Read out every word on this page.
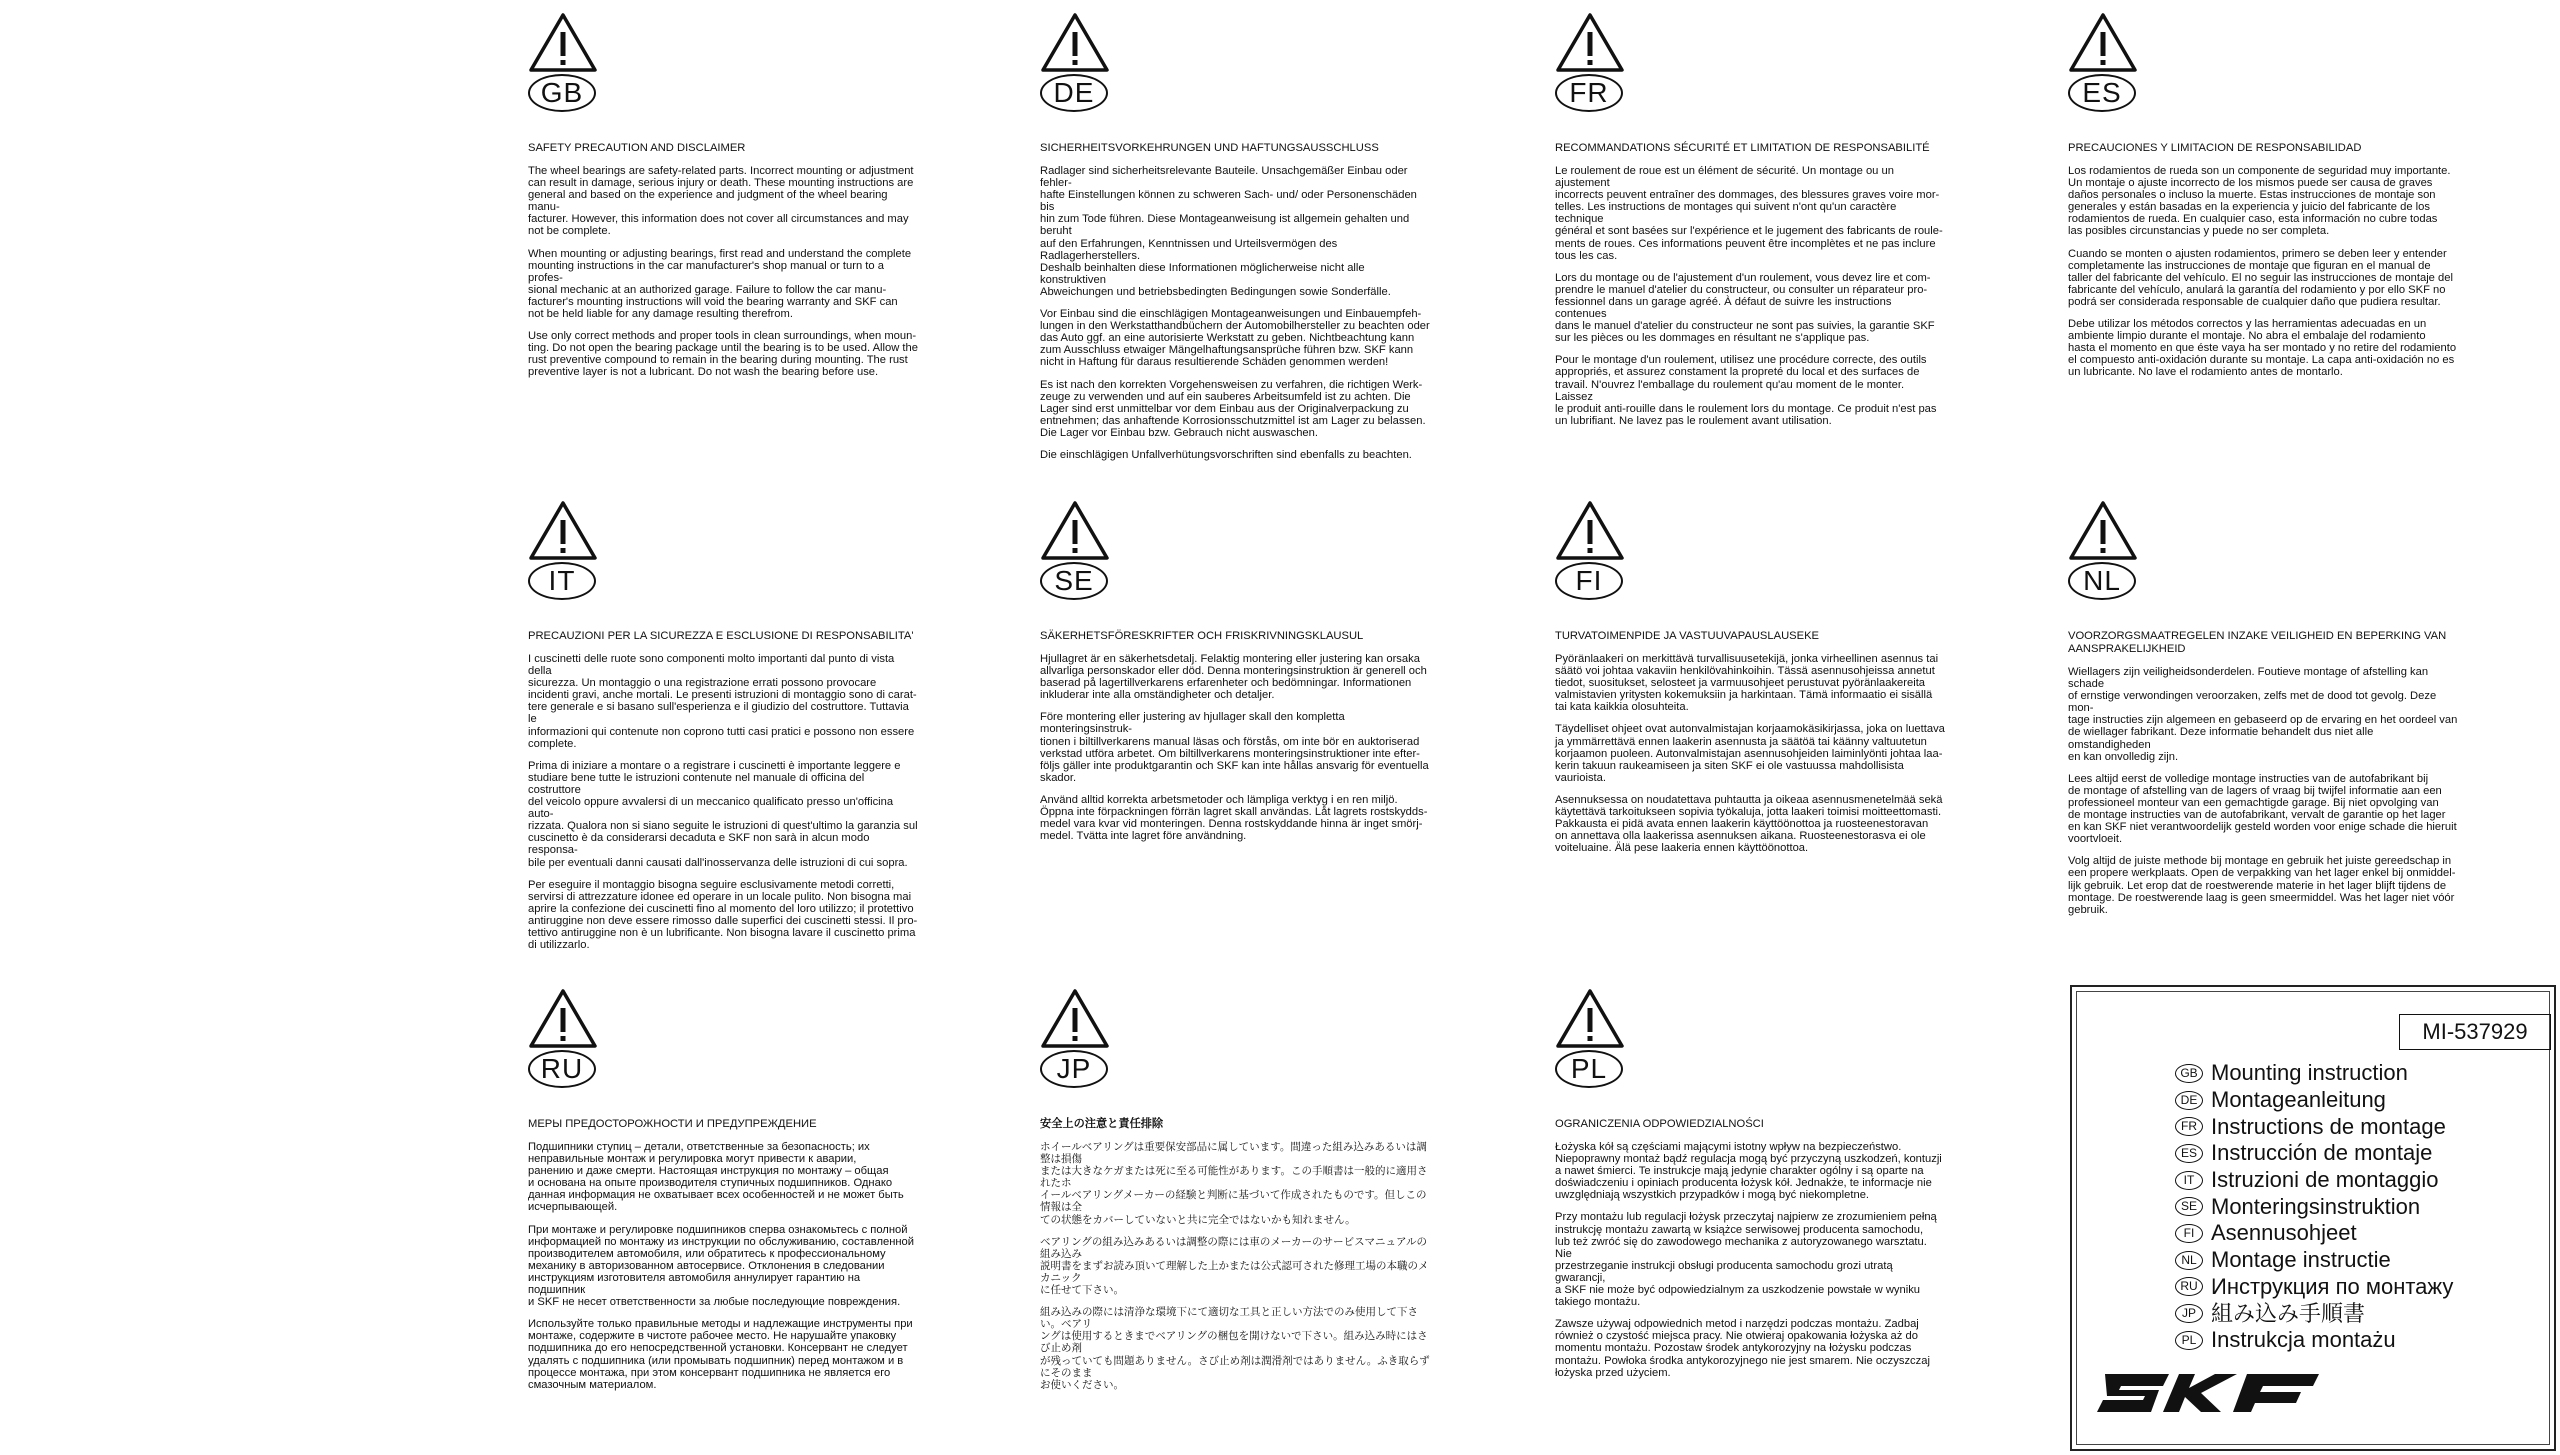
GB
SAFETY PRECAUTION AND DISCLAIMER

The wheel bearings are safety-related parts. Incorrect mounting or adjustment
can result in damage, serious injury or death. These mounting instructions are
general and based on the experience and judgment of the wheel bearing manu-
facturer. However, this information does not cover all circumstances and may
not be complete.

When mounting or adjusting bearings, first read and understand the complete
mounting instructions in the car manufacturer's shop manual or turn to a profes-
sional mechanic at an authorized garage. Failure to follow the car manu-
facturer's mounting instructions will void the bearing warranty and SKF can
not be held liable for any damage resulting therefrom.

Use only correct methods and proper tools in clean surroundings, when moun-
ting. Do not open the bearing package until the bearing is to be used. Allow the
rust preventive compound to remain in the bearing during mounting. The rust
preventive layer is not a lubricant. Do not wash the bearing before use.

DE
SICHERHEITSVORKEHRUNGEN UND HAFTUNGSAUSSCHLUSS

Radlager sind sicherheitsrelevante Bauteile. Unsachgemäßer Einbau oder fehler-
hafte Einstellungen können zu schweren Sach- und/ oder Personenschäden bis
hin zum Tode führen. Diese Montageanweisung ist allgemein gehalten und beruht
auf den Erfahrungen, Kenntnissen und Urteilsvermögen des Radlagerherstellers.
Deshalb beinhalten diese Informationen möglicherweise nicht alle konstruktiven
Abweichungen und betriebsbedingten Bedingungen sowie Sonderfälle.

Vor Einbau sind die einschlägigen Montageanweisungen und Einbauempfeh-
lungen in den Werkstatthandbüchern der Automobilhersteller zu beachten oder
das Auto ggf. an eine autorisierte Werkstatt zu geben. Nichtbeachtung kann
zum Ausschluss etwaiger Mängelhaftungsansprüche führen bzw. SKF kann
nicht in Haftung für daraus resultierende Schäden genommen werden!

Es ist nach den korrekten Vorgehensweisen zu verfahren, die richtigen Werk-
zeuge zu verwenden und auf ein sauberes Arbeitsumfeld ist zu achten. Die
Lager sind erst unmittelbar vor dem Einbau aus der Originalverpackung zu
entnehmen; das anhaftende Korrosionsschutzmittel ist am Lager zu belassen.
Die Lager vor Einbau bzw. Gebrauch nicht auswaschen.

Die einschlägigen Unfallverhütungsvorschriften sind ebenfalls zu beachten.

FR
RECOMMANDATIONS SÉCURITÉ ET LIMITATION DE RESPONSABILITÉ

Le roulement de roue est un élément de sécurité. Un montage ou un ajustement
incorrects peuvent entraîner des dommages, des blessures graves voire mor-
telles. Les instructions de montages qui suivent n'ont qu'un caractère technique
général et sont basées sur l'expérience et le jugement des fabricants de roule-
ments de roues. Ces informations peuvent être incomplètes et ne pas inclure
tous les cas.

Lors du montage ou de l'ajustement d'un roulement, vous devez lire et com-
prendre le manuel d'atelier du constructeur, ou consulter un réparateur pro-
fessionnel dans un garage agréé. À défaut de suivre les instructions contenues
dans le manuel d'atelier du constructeur ne sont pas suivies, la garantie SKF
sur les pièces ou les dommages en résultant ne s'applique pas.

Pour le montage d'un roulement, utilisez une procédure correcte, des outils
appropriés, et assurez constament la propreté du local et des surfaces de
travail. N'ouvrez l'emballage du roulement qu'au moment de le monter. Laissez
le produit anti-rouille dans le roulement lors du montage. Ce produit n'est pas
un lubrifiant. Ne lavez pas le roulement avant utilisation.

ES
PRECAUCIONES Y LIMITACION DE RESPONSABILIDAD

Los rodamientos de rueda son un componente de seguridad muy importante.
Un montaje o ajuste incorrecto de los mismos puede ser causa de graves
daños personales o incluso la muerte. Estas instrucciones de montaje son
generales y están basadas en la experiencia y juicio del fabricante de los
rodamientos de rueda. En cualquier caso, esta información no cubre todas
las posibles circunstancias y puede no ser completa.

Cuando se monten o ajusten rodamientos, primero se deben leer y entender
completamente las instrucciones de montaje que figuran en el manual de
taller del fabricante del vehículo. El no seguir las instrucciones de montaje del
fabricante del vehículo, anulará la garantía del rodamiento y por ello SKF no
podrá ser considerada responsable de cualquier daño que pudiera resultar.

Debe utilizar los métodos correctos y las herramientas adecuadas en un
ambiente limpio durante el montaje. No abra el embalaje del rodamiento
hasta el momento en que éste vaya ha ser montado y no retire del rodamiento
el compuesto anti-oxidación durante su montaje. La capa anti-oxidación no es
un lubricante. No lave el rodamiento antes de montarlo.

IT
PRECAUZIONI PER LA SICUREZZA E ESCLUSIONE DI RESPONSABILITA'

I cuscinetti delle ruote sono componenti molto importanti dal punto di vista della
sicurezza. Un montaggio o una registrazione errati possono provocare
incidenti gravi, anche mortali. Le presenti istruzioni di montaggio sono di carat-
tere generale e si basano sull'esperienza e il giudizio del costruttore. Tuttavia le
informazioni qui contenute non coprono tutti casi pratici e possono non essere
complete.

Prima di iniziare a montare o a registrare i cuscinetti è importante leggere e
studiare bene tutte le istruzioni contenute nel manuale di officina del costruttore
del veicolo oppure avvalersi di un meccanico qualificato presso un'officina auto-
rizzata. Qualora non si siano seguite le istruzioni di quest'ultimo la garanzia sul
cuscinetto è da considerarsi decaduta e SKF non sarà in alcun modo responsa-
bile per eventuali danni causati dall'inosservanza delle istruzioni di cui sopra.

Per eseguire il montaggio bisogna seguire esclusivamente metodi corretti,
servirsi di attrezzature idonee ed operare in un locale pulito. Non bisogna mai
aprire la confezione dei cuscinetti fino al momento del loro utilizzo; il protettivo
antiruggine non deve essere rimosso dalle superfici dei cuscinetti stessi. Il pro-
tettivo antiruggine non è un lubrificante. Non bisogna lavare il cuscinetto prima
di utilizzarlo.

SE
SÄKERHETSFÖRESKRIFTER OCH FRISKRIVNINGSKLAUSUL

Hjullagret är en säkerhetsdetalj. Felaktig montering eller justering kan orsaka
allvarliga personskador eller död. Denna monteringsinstruktion är generell och
baserad på lagertillverkarens erfarenheter och bedömningar. Informationen
inkluderar inte alla omständigheter och detaljer.

Före montering eller justering av hjullager skall den kompletta monteringsinstruk-
tionen i biltillverkarens manual läsas och förstås, om inte bör en auktoriserad
verkstad utföra arbetet. Om biltillverkarens monteringsinstruktioner inte efter-
följs gäller inte produktgarantin och SKF kan inte hållas ansvarig för eventuella
skador.

Använd alltid korrekta arbetsmetoder och lämpliga verktyg i en ren miljö.
Öppna inte förpackningen förrän lagret skall användas. Låt lagrets rostskydds-
medel vara kvar vid monteringen. Denna rostskyddande hinna är inget smörj-
medel. Tvätta inte lagret före användning.

FI
TURVATOIMENPIDE JA VASTUUVAPAUSLAUSEKE

Pyöränlaakeri on merkittävä turvallisuusetekijä, jonka virheellinen asennus tai
säätö voi johtaa vakaviin henkilövahinkoihin. Tässä asennusohjeissa annetut
tiedot, suositukset, selosteet ja varmuusohjeet perustuvat pyöränlaakereita
valmistavien yritysten kokemuksiin ja harkintaan. Tämä informaatio ei sisällä
tai kata kaikkia olosuhteita.

Täydelliset ohjeet ovat autonvalmistajan korjaamokäsikirjassa, joka on luettava
ja ymmärrettävä ennen laakerin asennusta ja säätöä tai käänny valtuutetun
korjaamon puoleen. Autonvalmistajan asennusohjeiden laiminlyönti johtaa laa-
kerin takuun raukeamiseen ja siten SKF ei ole vastuussa mahdollisista vaurioista.

Asennuksessa on noudatettava puhtautta ja oikeaa asennusmenetelmää sekä
käytettävä tarkoitukseen sopivia työkaluja, jotta laakeri toimisi moitteettomasti.
Pakkausta ei pidä avata ennen laakerin käyttöönottoa ja ruosteenestoravan
on annettava olla laakerissa asennuksen aikana. Ruosteenestorasva ei ole
voiteluaine. Älä pese laakeria ennen käyttöönottoa.

NL
VOORZORGSMAATREGELEN INZAKE VEILIGHEID EN BEPERKING VAN
AANSPRAKELIJKHEID

Wiellagers zijn veiligheidsonderdelen. Foutieve montage of afstelling kan schade
of ernstige verwondingen veroorzaken, zelfs met de dood tot gevolg. Deze mon-
tage instructies zijn algemeen en gebaseerd op de ervaring en het oordeel van
de wiellager fabrikant. Deze informatie behandelt dus niet alle omstandigheden
en kan onvolledig zijn.

Lees altijd eerst de volledige montage instructies van de autofabrikant bij
de montage of afstelling van de lagers of vraag bij twijfel informatie aan een
professioneel monteur van een gemachtigde garage. Bij niet opvolging van
de montage instructies van de autofabrikant, vervalt de garantie op het lager
en kan SKF niet verantwoordelijk gesteld worden voor enige schade die hieruit
voortvloeit.

Volg altijd de juiste methode bij montage en gebruik het juiste gereedschap in
een propere werkplaats. Open de verpakking van het lager enkel bij onmiddel-
lijk gebruik. Let erop dat de roestwerende materie in het lager blijft tijdens de
montage. De roestwerende laag is geen smeermiddel. Was het lager niet vóór
gebruik.

RU
МЕРЫ ПРЕДОСТОРОЖНОСТИ И ПРЕДУПРЕЖДЕНИЕ

Подшипники ступиц – детали, ответственные за безопасность; их
неправильные монтаж и регулировка могут привести к аварии,
ранению и даже смерти. Настоящая инструкция по монтажу – общая
и основана на опыте производителя ступичных подшипников. Однако
данная информация не охватывает всех особенностей и не может быть
исчерпывающей.

При монтаже и регулировке подшипников сперва ознакомьтесь с полной
информацией по монтажу из инструкции по обслуживанию, составленной
производителем автомобиля, или обратитесь к профессиональному
механику в авторизованном автосервисе. Отклонения в следовании
инструкциям изготовителя автомобиля аннулирует гарантию на подшипник
и SKF не несет ответственности за любые последующие повреждения.

Используйте только правильные методы и надлежащие инструменты при
монтаже, содержите в чистоте рабочее место. Не нарушайте упаковку
подшипника до его непосредственной установки. Консервант не следует
удалять с подшипника (или промывать подшипник) перед монтажом и в
процессе монтажа, при этом консервант подшипника не является его
смазочным материалом.

JP
安全上の注意と責任排除

ホイールベアリングは重要保安部品に属しています。間違った組み込みあるいは調整は損傷
または大きなケガまたは死に至る可能性があります。この手順書は一般的に適用されたホ
イールベアリングメーカーの経験と判断に基づいて作成されたものです。但しこの情報は全
ての状態をカバーしていないと共に完全ではないかも知れません。

ベアリングの組み込みあるいは調整の際には車のメーカーのサービスマニュアルの組み込み
説明書をまずお読み頂いて理解した上かまたは公式認可された修理工場の本職のメカニック
に任せて下さい。

組み込みの際には清浄な環境下にて適切な工具と正しい方法でのみ使用して下さい。ベアリ
ングは使用するときまでベアリングの梱包を開けないで下さい。組み込み時にはさび止め剤
が残っていても問題ありません。さび止め剤は潤滑剤ではありません。ふき取らずにそのまま
お使いください。

PL
OGRANICZENIA ODPOWIEDZIALNOŚCI

Łożyska kół są częściami mającymi istotny wpływ na bezpieczeństwo.
Niepoprawny montaż bądź regulacja mogą być przyczyną uszkodzeń, kontuzji
a nawet śmierci. Te instrukcje mają jedynie charakter ogólny i są oparte na
doświadczeniu i opiniach producenta łożysk kół. Jednakże, te informacje nie
uwzględniają wszystkich przypadków i mogą być niekompletne.

Przy montażu lub regulacji łożysk przeczytaj najpierw ze zrozumieniem pełną
instrukcję montażu zawartą w książce serwisowej producenta samochodu,
lub też zwróć się do zawodowego mechanika z autoryzowanego warsztatu. Nie
przestrzeganie instrukcji obsługi producenta samochodu grozi utratą gwarancji,
a SKF nie może być odpowiedzialnym za uszkodzenie powstałe w wyniku
takiego montażu.

Zawsze używaj odpowiednich metod i narzędzi podczas montażu. Zadbaj
również o czystość miejsca pracy. Nie otwieraj opakowania łożyska aż do
momentu montażu. Pozostaw środek antykorozyjny na łożysku podczas
montażu. Powłoka środka antykorozyjnego nie jest smarem. Nie oczyszczaj
łożyska przed użyciem.

MI-537929
GB Mounting instruction
DE Montageanleitung
FR Instructions de montage
ES Instrucción de montaje
IT Istruzioni de montaggio
SE Monteringsinstruktion
FI Asennusohjeet
NL Montage instructie
RU Инструкция по монтажу
JP 組み込み手順書
PL Instrukcja montażu
